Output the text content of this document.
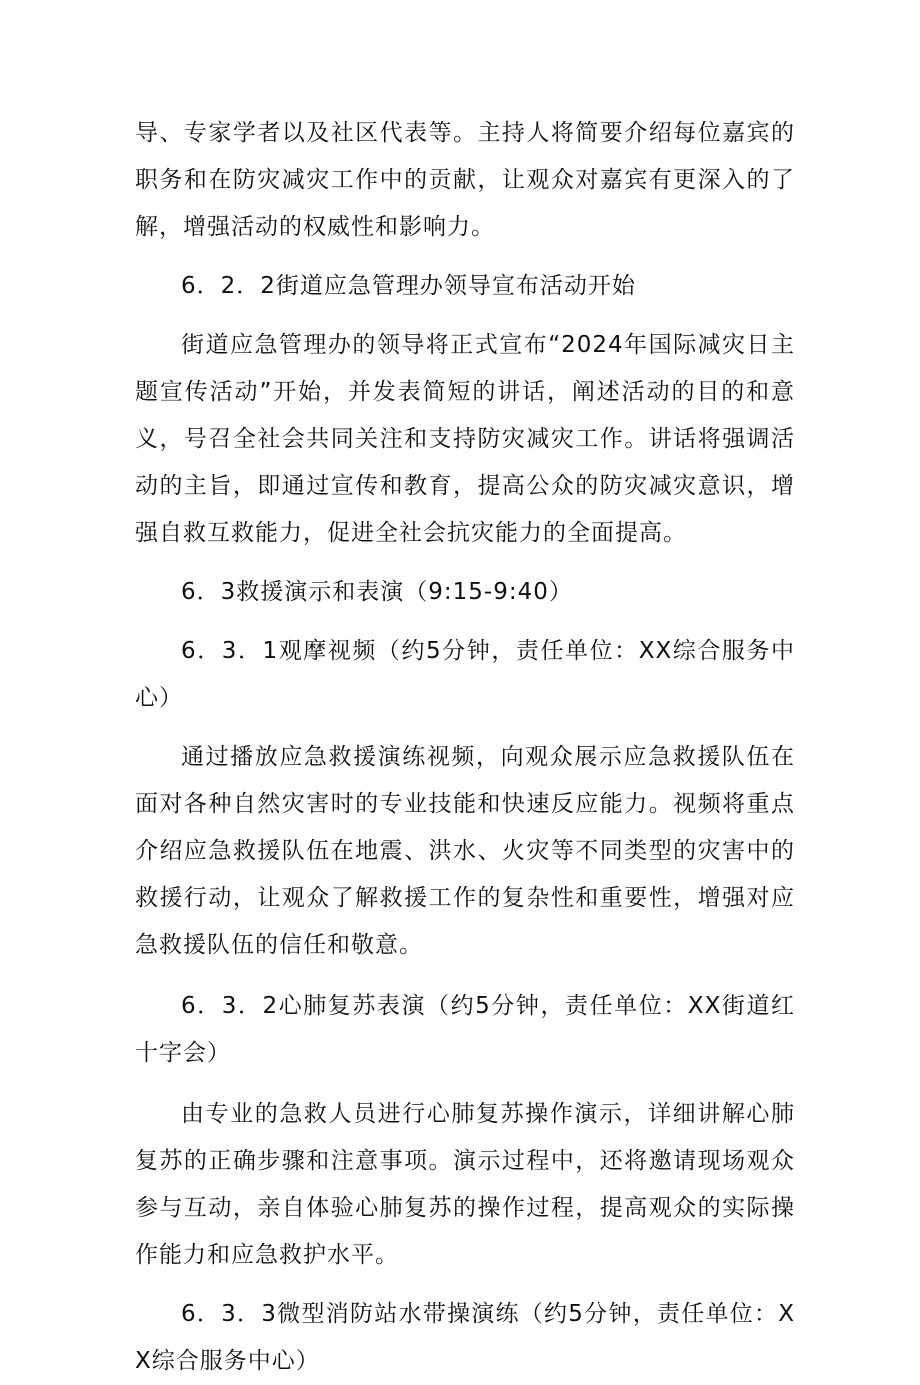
导、专家学者以及社区代表等。主持人将简要介绍每位嘉宾的职务和在防灾减灾工作中的贡献，让观众对嘉宾有更深入的了解，增强活动的权威性和影响力。

6．2．2街道应急管理办领导宣布活动开始

街道应急管理办的领导将正式宣布“2024年国际减灾日主题宣传活动”开始，并发表简短的讲话，阐述活动的目的和意义，号召全社会共同关注和支持防灾减灾工作。讲话将强调活动的主旨，即通过宣传和教育，提高公众的防灾减灾意识，增强自救互救能力，促进全社会抗灾能力的全面提高。

6．3救援演示和表演（9:15-9:40）

6．3．1观摩视频（约5分钟，责任单位：XX综合服务中心）

通过播放应急救援演练视频，向观众展示应急救援队伍在面对各种自然灾害时的专业技能和快速反应能力。视频将重点介绍应急救援队伍在地震、洪水、火灾等不同类型的灾害中的救援行动，让观众了解救援工作的复杂性和重要性，增强对应急救援队伍的信任和敬意。

6．3．2心肺复苏表演（约5分钟，责任单位：XX街道红十字会）

由专业的急救人员进行心肺复苏操作演示，详细讲解心肺复苏的正确步骤和注意事项。演示过程中，还将邀请现场观众参与互动，亲自体验心肺复苏的操作过程，提高观众的实际操作能力和应急救护水平。

6．3．3微型消防站水带操演练（约5分钟，责任单位：XX综合服务中心）
